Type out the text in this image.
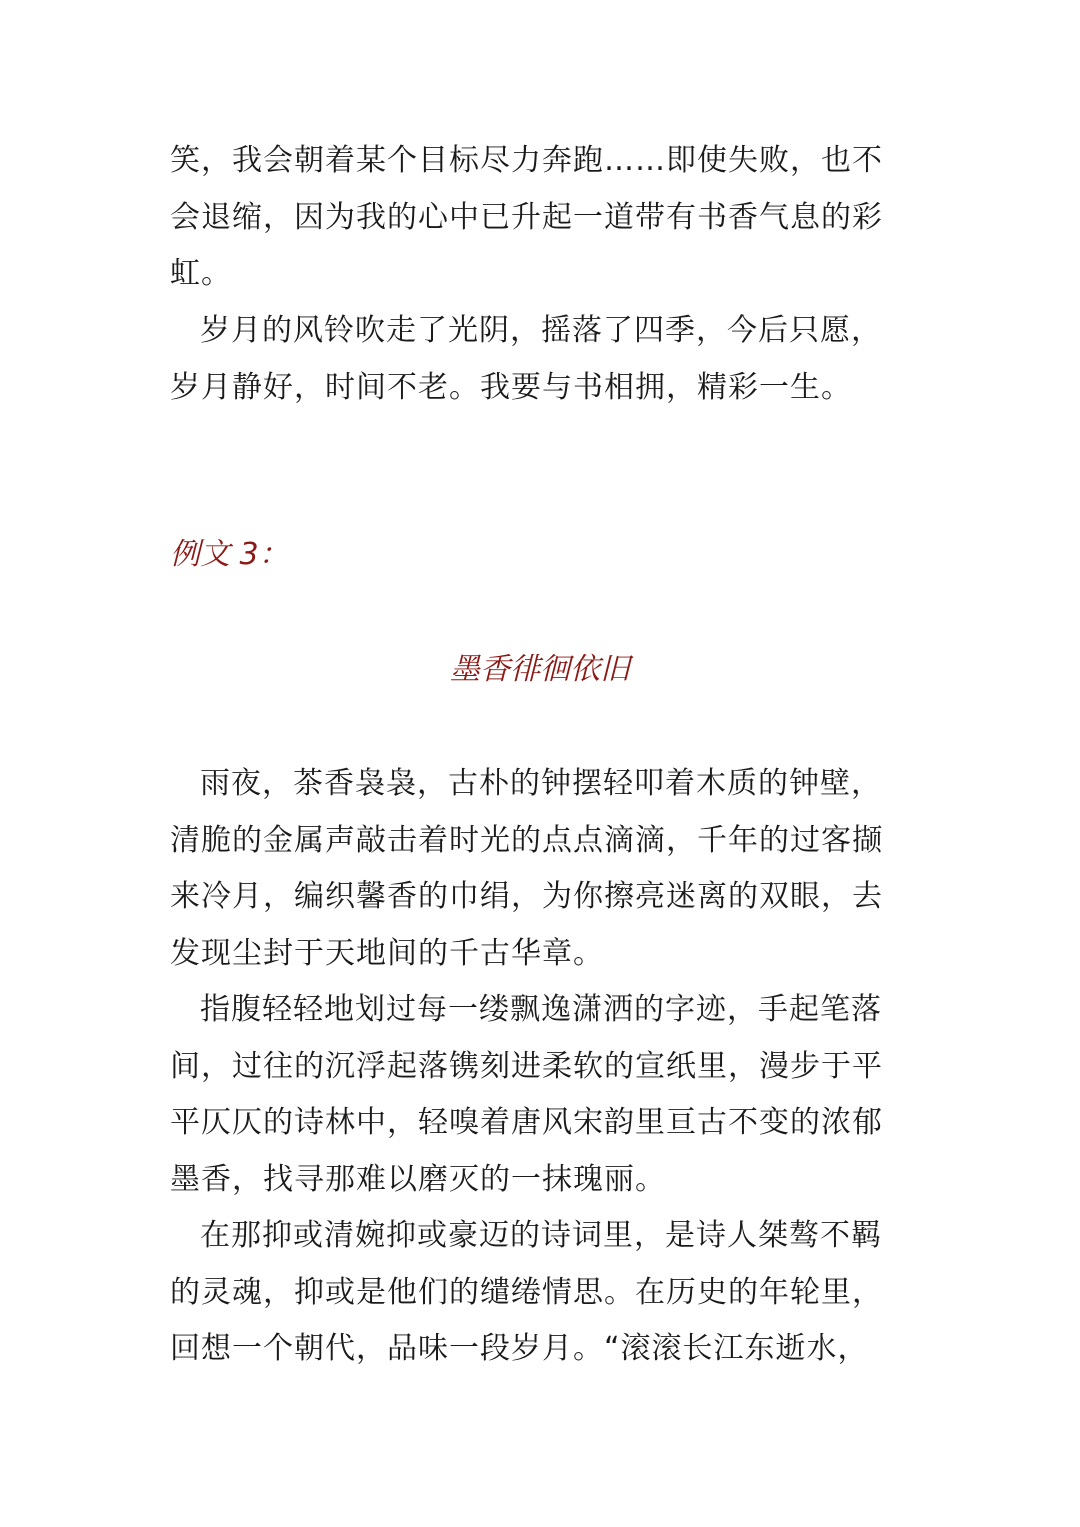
笑，我会朝着某个目标尽力奔跑……即使失败，也不会退缩，因为我的心中已升起一道带有书香气息的彩虹。

岁月的风铃吹走了光阴，摇落了四季，今后只愿，岁月静好，时间不老。我要与书相拥，精彩一生。

例文 3：

墨香徘徊依旧

雨夜，茶香袅袅，古朴的钟摆轻叩着木质的钟壁，清脆的金属声敲击着时光的点点滴滴，千年的过客撷来冷月，编织馨香的巾绢，为你擦亮迷离的双眼，去发现尘封于天地间的千古华章。

指腹轻轻地划过每一缕飘逸潇洒的字迹，手起笔落间，过往的沉浮起落镌刻进柔软的宣纸里，漫步于平平仄仄的诗林中，轻嗅着唐风宋韵里亘古不变的浓郁墨香，找寻那难以磨灭的一抹瑰丽。

在那抑或清婉抑或豪迈的诗词里，是诗人桀骜不羁的灵魂，抑或是他们的缱绻情思。在历史的年轮里，回想一个朝代，品味一段岁月。“滚滚长江东逝水，
